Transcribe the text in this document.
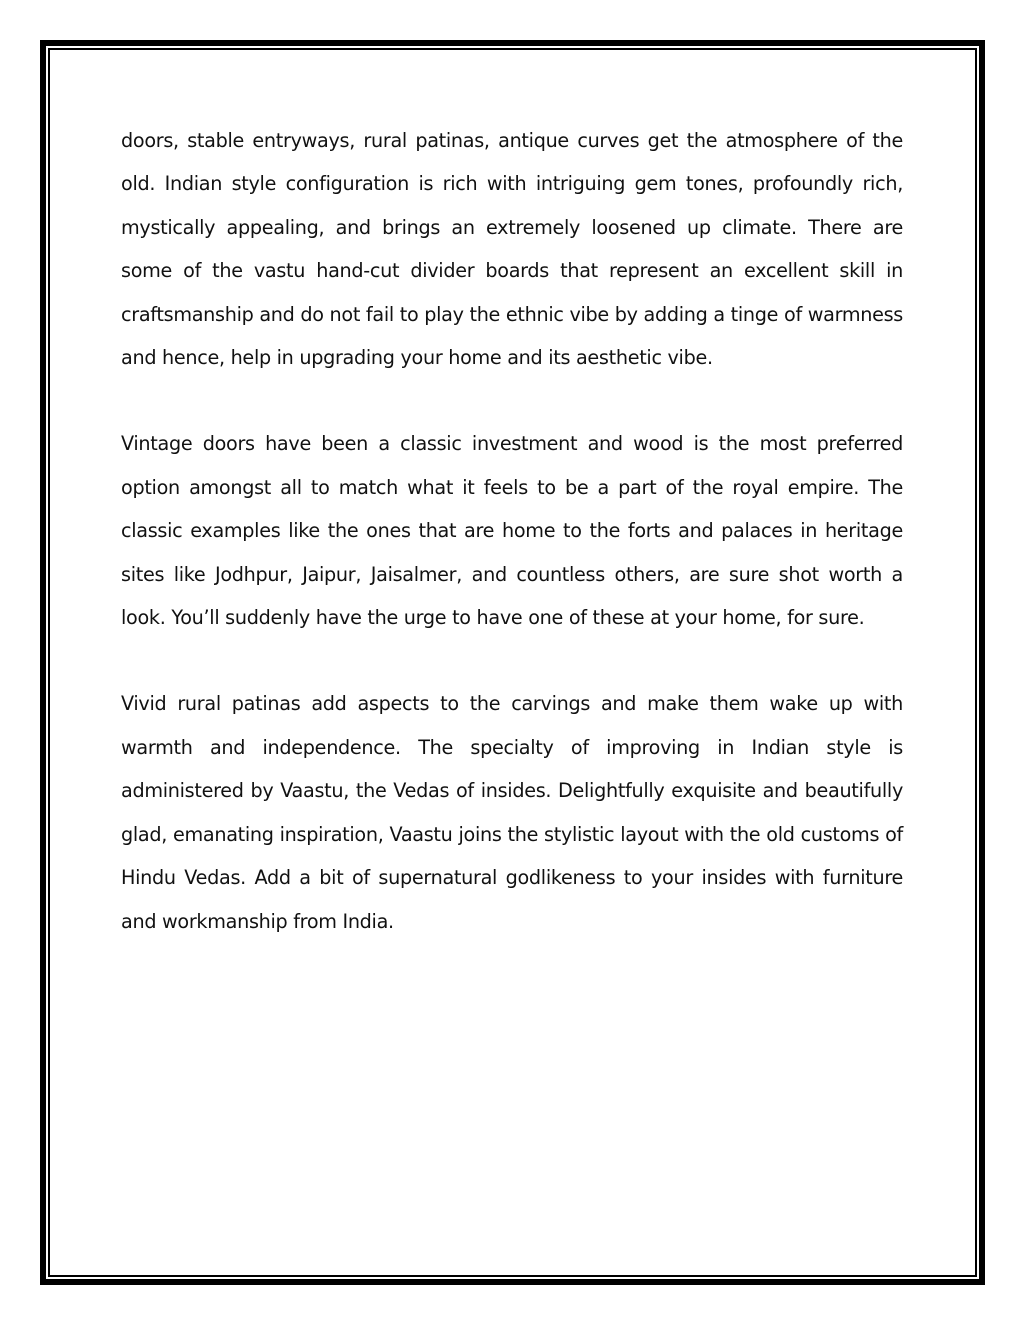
doors, stable entryways, rural patinas, antique curves get the atmosphere of the old. Indian style configuration is rich with intriguing gem tones, profoundly rich, mystically appealing, and brings an extremely loosened up climate. There are some of the vastu hand-cut divider boards that represent an excellent skill in craftsmanship and do not fail to play the ethnic vibe by adding a tinge of warmness and hence, help in upgrading your home and its aesthetic vibe.

Vintage doors have been a classic investment and wood is the most preferred option amongst all to match what it feels to be a part of the royal empire. The classic examples like the ones that are home to the forts and palaces in heritage sites like Jodhpur, Jaipur, Jaisalmer, and countless others, are sure shot worth a look. You’ll suddenly have the urge to have one of these at your home, for sure.

Vivid rural patinas add aspects to the carvings and make them wake up with warmth and independence. The specialty of improving in Indian style is administered by Vaastu, the Vedas of insides. Delightfully exquisite and beautifully glad, emanating inspiration, Vaastu joins the stylistic layout with the old customs of Hindu Vedas. Add a bit of supernatural godlikeness to your insides with furniture and workmanship from India.
